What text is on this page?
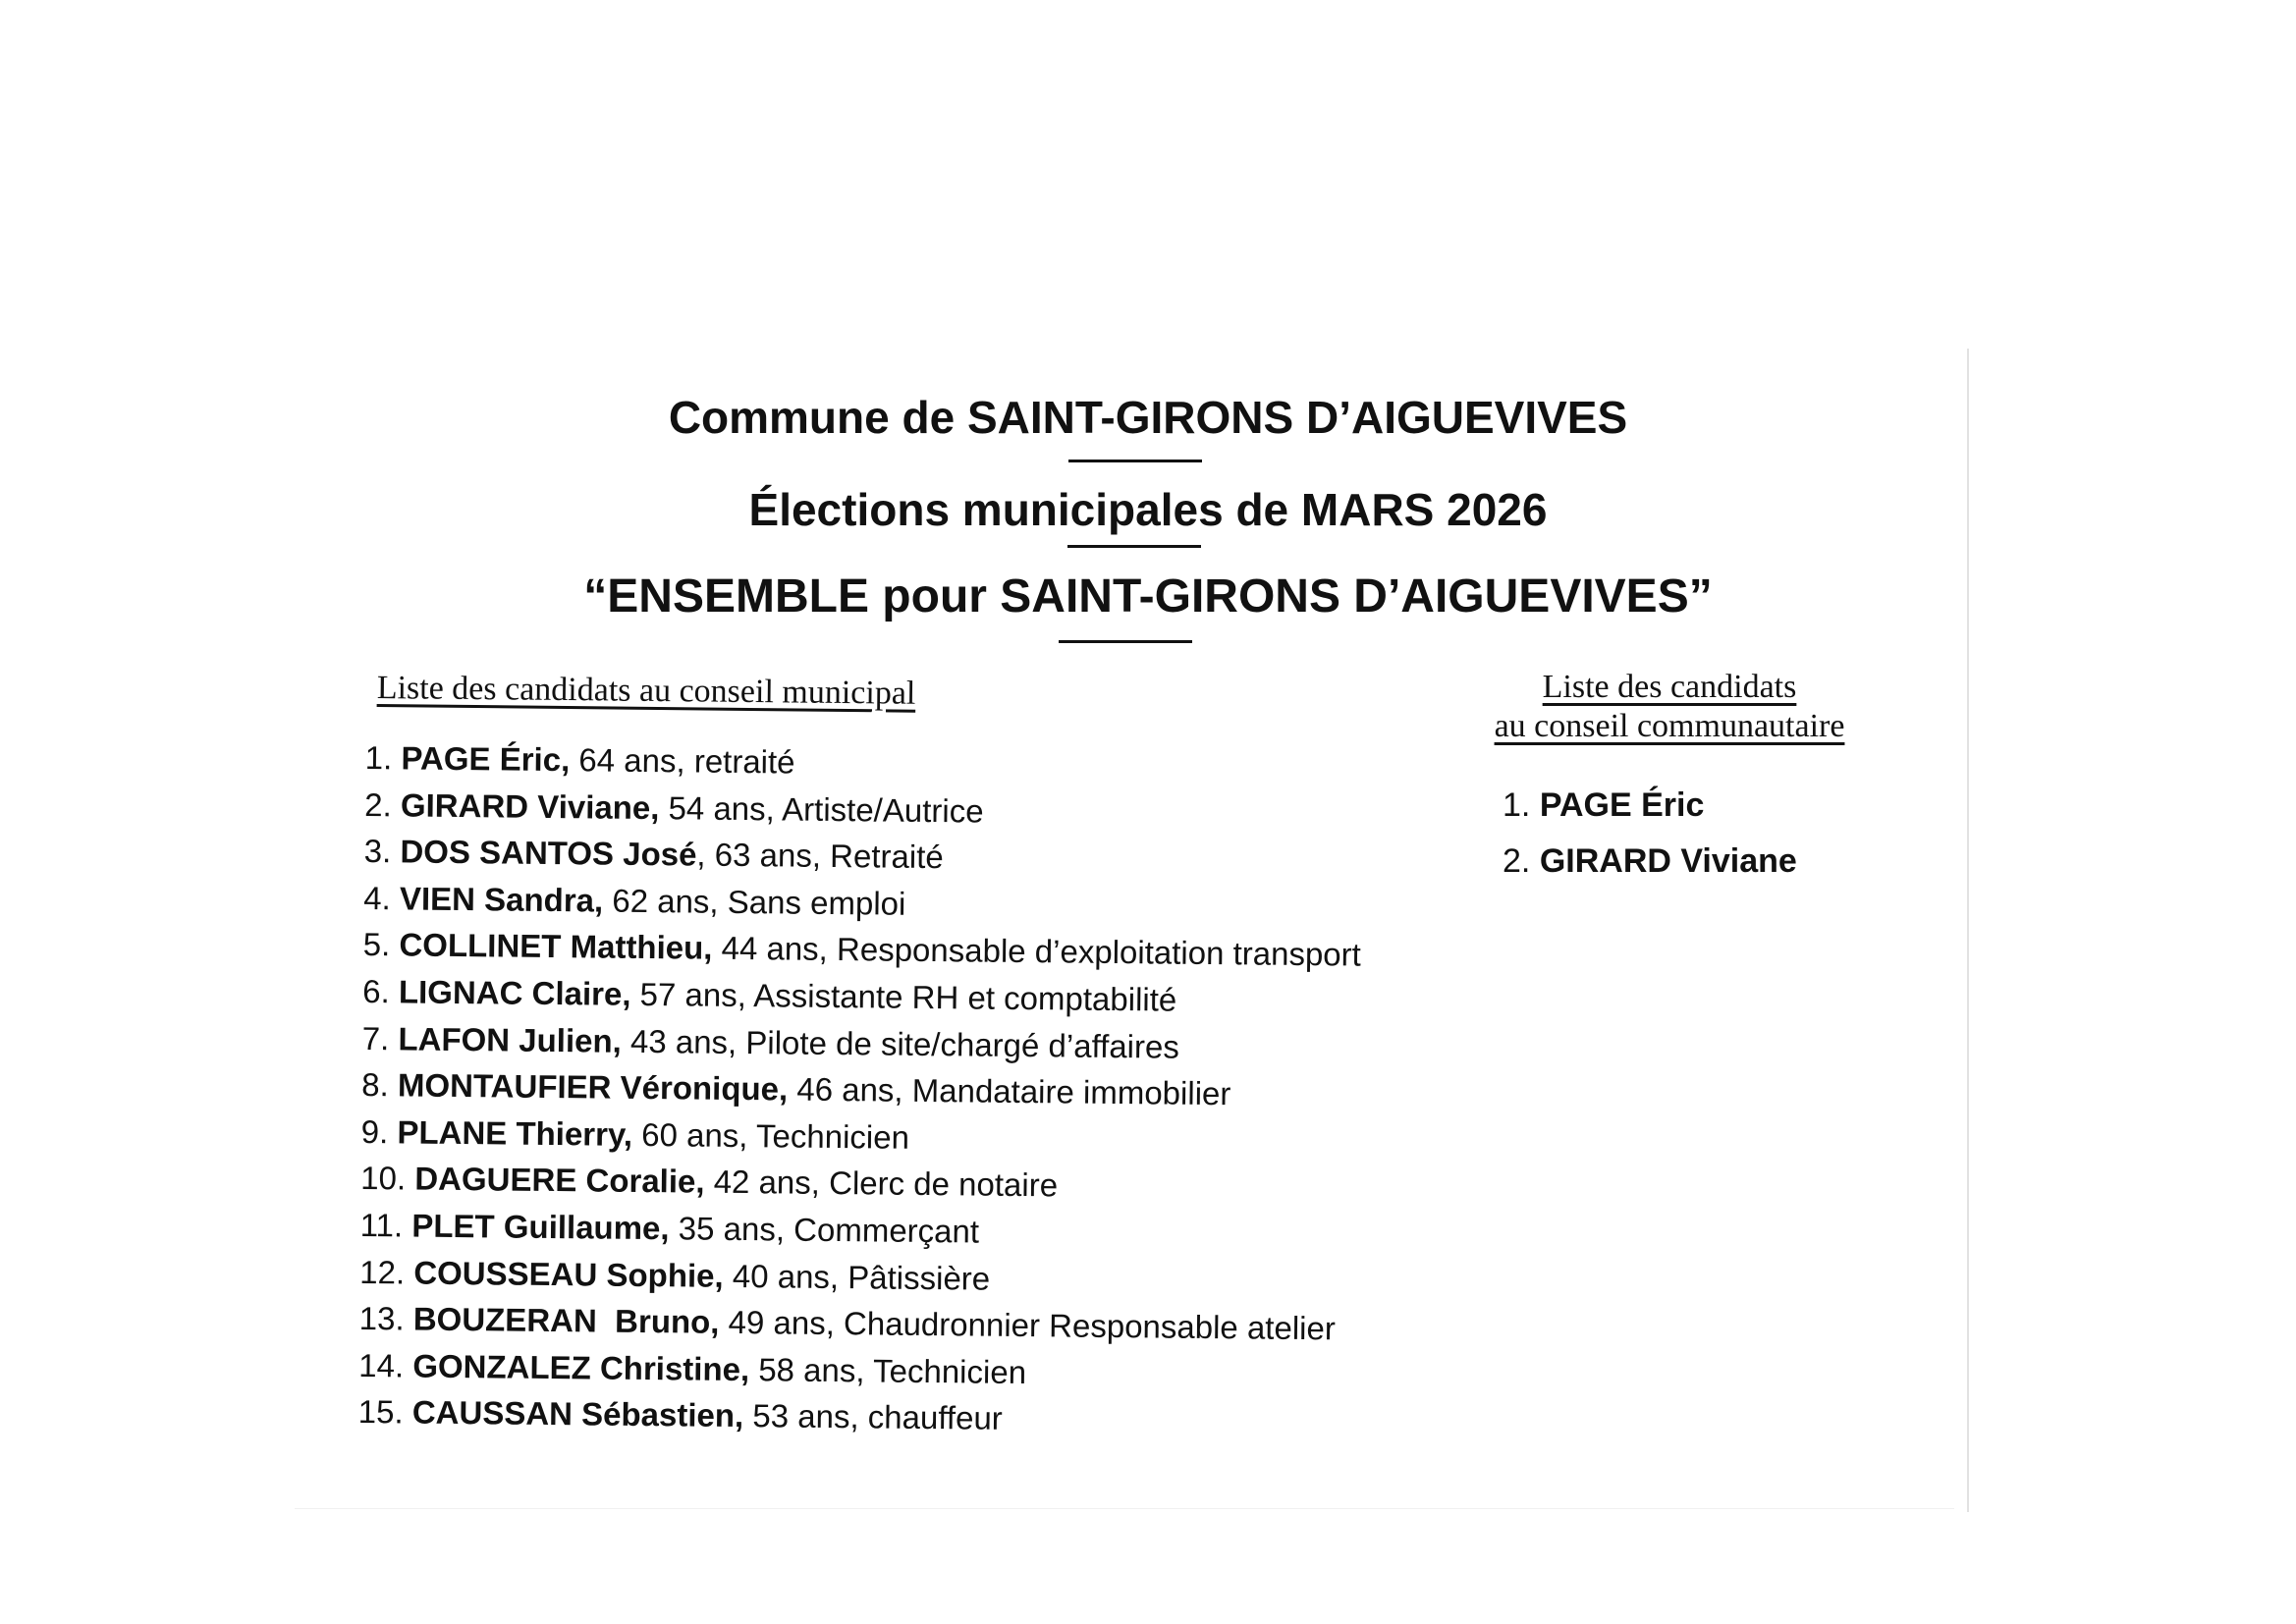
Commune de SAINT-GIRONS D’AIGUEVIVES
Élections municipales de MARS 2026
“ENSEMBLE pour SAINT-GIRONS D’AIGUEVIVES”
Liste des candidats au conseil municipal
1. PAGE Éric, 64 ans, retraité
2. GIRARD Viviane, 54 ans, Artiste/Autrice
3. DOS SANTOS José, 63 ans, Retraité
4. VIEN Sandra, 62 ans, Sans emploi
5. COLLINET Matthieu, 44 ans, Responsable d’exploitation transport
6. LIGNAC Claire, 57 ans, Assistante RH et comptabilité
7. LAFON Julien, 43 ans, Pilote de site/chargé d’affaires
8. MONTAUFIER Véronique, 46 ans, Mandataire immobilier
9. PLANE Thierry, 60 ans, Technicien
10. DAGUERE Coralie, 42 ans, Clerc de notaire
11. PLET Guillaume, 35 ans, Commerçant
12. COUSSEAU Sophie, 40 ans, Pâtissière
13. BOUZERAN  Bruno, 49 ans, Chaudronnier Responsable atelier
14. GONZALEZ Christine, 58 ans, Technicien
15. CAUSSAN Sébastien, 53 ans, chauffeur
Liste des candidats
au conseil communautaire
1. PAGE Éric
2. GIRARD Viviane
